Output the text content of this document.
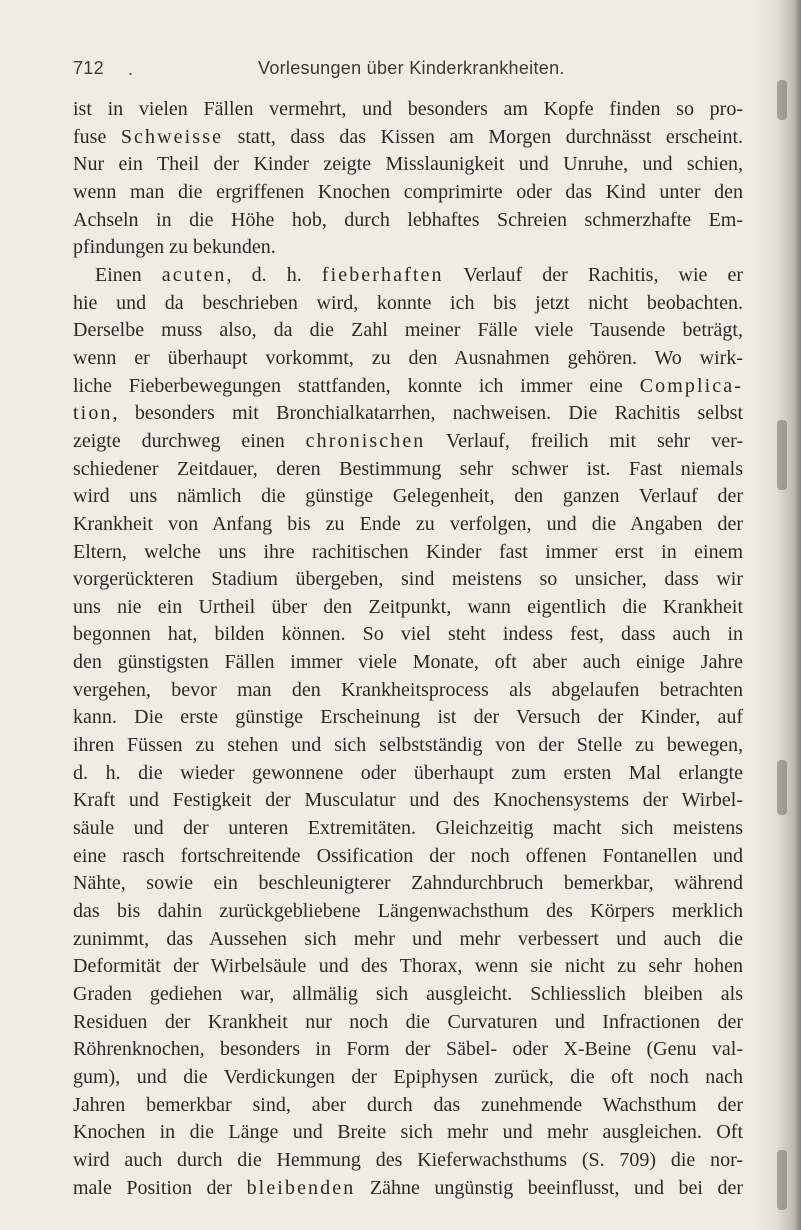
712 .	Vorlesungen über Kinderkrankheiten.
ist in vielen Fällen vermehrt, und besonders am Kopfe finden so pro-
fuse Schweisse statt, dass das Kissen am Morgen durchnässt erscheint.
Nur ein Theil der Kinder zeigte Misslaunigkeit und Unruhe, und schien,
wenn man die ergriffenen Knochen comprimirte oder das Kind unter den
Achseln in die Höhe hob, durch lebhaftes Schreien schmerzhafte Em-
pfindungen zu bekunden.
Einen acuten, d. h. fieberhaften Verlauf der Rachitis, wie er
hie und da beschrieben wird, konnte ich bis jetzt nicht beobachten.
Derselbe muss also, da die Zahl meiner Fälle viele Tausende beträgt,
wenn er überhaupt vorkommt, zu den Ausnahmen gehören. Wo wirk-
liche Fieberbewegungen stattfanden, konnte ich immer eine Complica-
tion, besonders mit Bronchialkatarrhen, nachweisen. Die Rachitis selbst
zeigte durchweg einen chronischen Verlauf, freilich mit sehr ver-
schiedener Zeitdauer, deren Bestimmung sehr schwer ist. Fast niemals
wird uns nämlich die günstige Gelegenheit, den ganzen Verlauf der
Krankheit von Anfang bis zu Ende zu verfolgen, und die Angaben der
Eltern, welche uns ihre rachitischen Kinder fast immer erst in einem
vorgerückteren Stadium übergeben, sind meistens so unsicher, dass wir
uns nie ein Urtheil über den Zeitpunkt, wann eigentlich die Krankheit
begonnen hat, bilden können. So viel steht indess fest, dass auch in
den günstigsten Fällen immer viele Monate, oft aber auch einige Jahre
vergehen, bevor man den Krankheitsprocess als abgelaufen betrachten
kann. Die erste günstige Erscheinung ist der Versuch der Kinder, auf
ihren Füssen zu stehen und sich selbstständig von der Stelle zu bewegen,
d. h. die wieder gewonnene oder überhaupt zum ersten Mal erlangte
Kraft und Festigkeit der Musculatur und des Knochensystems der Wirbel-
säule und der unteren Extremitäten. Gleichzeitig macht sich meistens
eine rasch fortschreitende Ossification der noch offenen Fontanellen und
Nähte, sowie ein beschleunigterer Zahndurchbruch bemerkbar, während
das bis dahin zurückgebliebene Längenwachsthum des Körpers merklich
zunimmt, das Aussehen sich mehr und mehr verbessert und auch die
Deformität der Wirbelsäule und des Thorax, wenn sie nicht zu sehr hohen
Graden gediehen war, allmälig sich ausgleicht. Schliesslich bleiben als
Residuen der Krankheit nur noch die Curvaturen und Infractionen der
Röhrenknochen, besonders in Form der Säbel- oder X-Beine (Genu val-
gum), und die Verdickungen der Epiphysen zurück, die oft noch nach
Jahren bemerkbar sind, aber durch das zunehmende Wachsthum der
Knochen in die Länge und Breite sich mehr und mehr ausgleichen. Oft
wird auch durch die Hemmung des Kieferwachsthums (S. 709) die nor-
male Position der bleibenden Zähne ungünstig beeinflusst, und bei der
